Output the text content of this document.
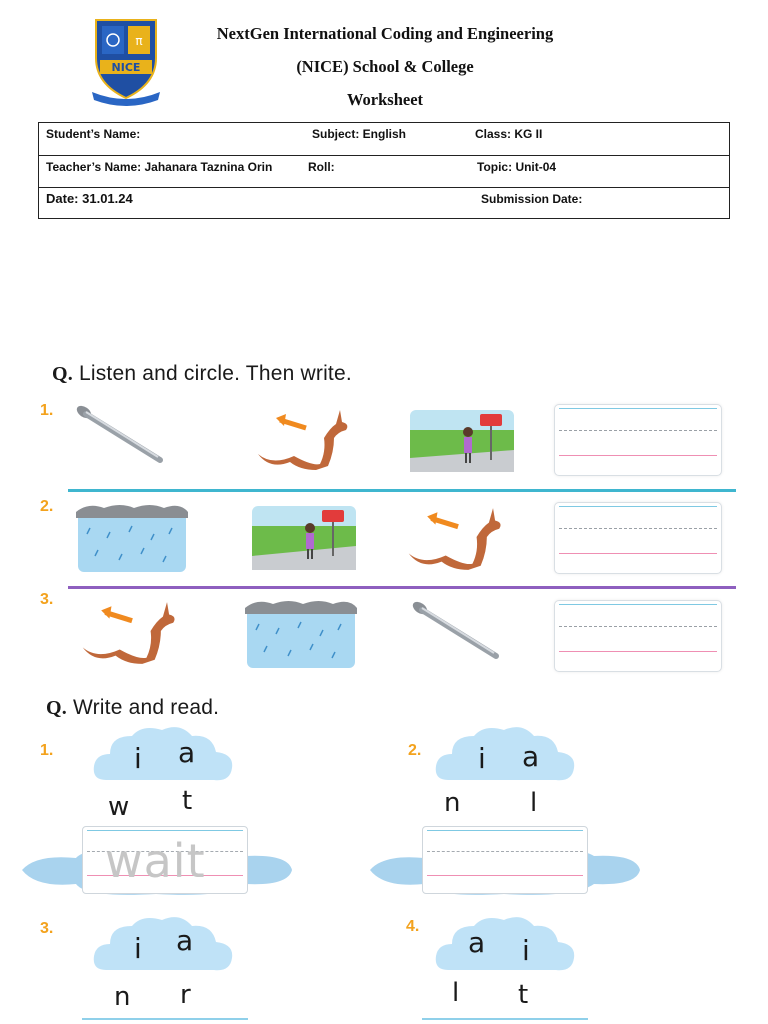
π
NICE
NextGen International Coding and Engineering
(NICE) School & College
Worksheet
Student’s Name:	Subject: English	Class: KG II
Teacher’s Name: Jahanara Taznina Orin	Roll:	Topic: Unit-04
Date: 31.01.24	Submission Date:
Q. Listen and circle. Then write.
1.
2.
3.
Q. Write and read.
1.	i a
w t
wait
2. i a
n	l
3.
i a
n r
4. a i
l t
